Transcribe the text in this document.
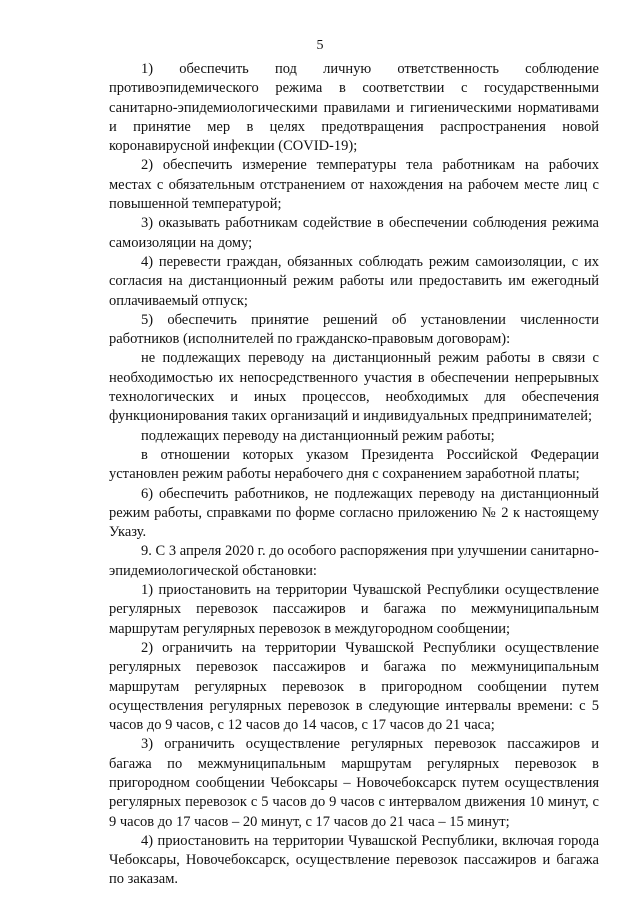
5

1) обеспечить под личную ответственность соблюдение противоэпидемического режима в соответствии с государственными санитарно-эпидемиологическими правилами и гигиеническими нормативами и принятие мер в целях предотвращения распространения новой коронавирусной инфекции (COVID-19);

2) обеспечить измерение температуры тела работникам на рабочих местах с обязательным отстранением от нахождения на рабочем месте лиц с повышенной температурой;

3) оказывать работникам содействие в обеспечении соблюдения режима самоизоляции на дому;

4) перевести граждан, обязанных соблюдать режим самоизоляции, с их согласия на дистанционный режим работы или предоставить им ежегодный оплачиваемый отпуск;

5) обеспечить принятие решений об установлении численности работников (исполнителей по гражданско-правовым договорам):

не подлежащих переводу на дистанционный режим работы в связи с необходимостью их непосредственного участия в обеспечении непрерывных технологических и иных процессов, необходимых для обеспечения функционирования таких организаций и индивидуальных предпринимателей;

подлежащих переводу на дистанционный режим работы;

в отношении которых указом Президента Российской Федерации установлен режим работы нерабочего дня с сохранением заработной платы;

6) обеспечить работников, не подлежащих переводу на дистанционный режим работы, справками по форме согласно приложению № 2 к настоящему Указу.

9. С 3 апреля 2020 г. до особого распоряжения при улучшении санитарно-эпидемиологической обстановки:

1) приостановить на территории Чувашской Республики осуществление регулярных перевозок пассажиров и багажа по межмуниципальным маршрутам регулярных перевозок в междугородном сообщении;

2) ограничить на территории Чувашской Республики осуществление регулярных перевозок пассажиров и багажа по межмуниципальным маршрутам регулярных перевозок в пригородном сообщении путем осуществления регулярных перевозок в следующие интервалы времени: с 5 часов до 9 часов, с 12 часов до 14 часов, с 17 часов до 21 часа;

3) ограничить осуществление регулярных перевозок пассажиров и багажа по межмуниципальным маршрутам регулярных перевозок в пригородном сообщении Чебоксары – Новочебоксарск путем осуществления регулярных перевозок с 5 часов до 9 часов с интервалом движения 10 минут, с 9 часов до 17 часов – 20 минут, с 17 часов до 21 часа – 15 минут;

4) приостановить на территории Чувашской Республики, включая города Чебоксары, Новочебоксарск, осуществление перевозок пассажиров и багажа по заказам.
